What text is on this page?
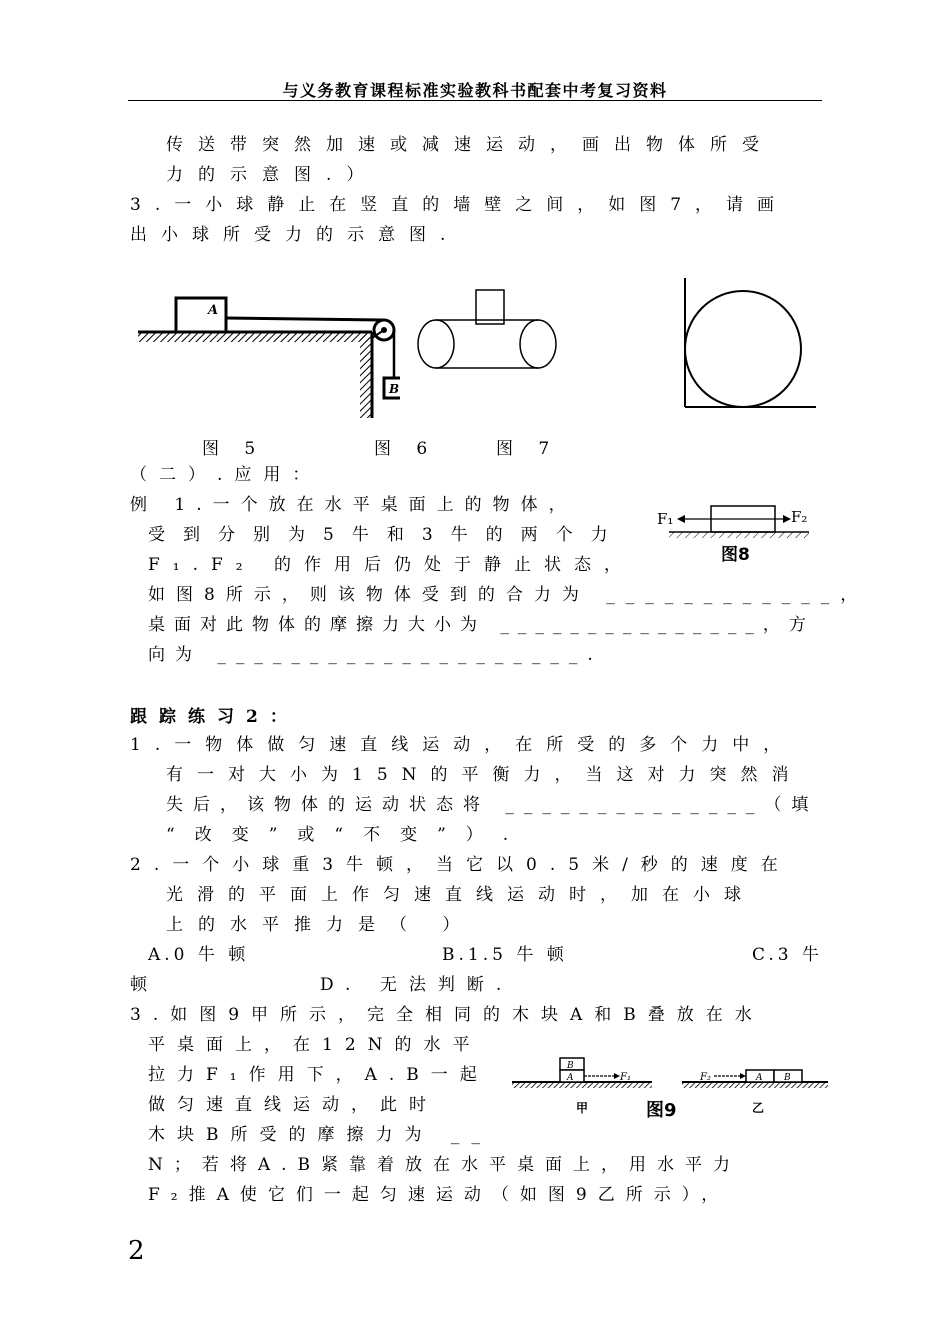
与义务教育课程标准实验教科书配套中考复习资料
传送带突然加速或减速运动，画出物体所受
力的示意图.）
3.一小球静止在竖直的墙壁之间，如图7，请画
出小球所受力的示意图.
A
B
图 5	图 6	图 7
（二）.应用：
例 1.一个放在水平桌面上的物体，
受到分别为5牛和3牛的两个力
F₁.F₂ 的作用后仍处于静止状态，
如图8所示，则该物体受到的合力为 ____________，
桌面对此物体的摩擦力大小为 _______________，方
向为 ____________________.
F₁	F₂
图8
跟踪练习2：
1.一物体做匀速直线运动，在所受的多个力中，
有一对大小为15N的平衡力，当这对力突然消
失后，该物体的运动状态将 ______________（填
“改变”或“不变”）.
2.一个小球重3牛顿，当它以0.5米/秒的速度在
光滑的平面上作匀速直线运动时，加在小球
上的水平推力是（ ）
A.0 牛 顿	B.1.5 牛 顿	C.3 牛
顿	D. 无法判断.
3.如图9甲所示，完全相同的木块A和B叠放在水
平桌面上，在12N的水平
拉力F₁作用下，A.B一起
做匀速直线运动，此时
木块B所受的摩擦力为 __
N；若将A.B紧靠着放在水平桌面上，用水平力
F₂推A使它们一起匀速运动（如图9乙所示），
B
A	F₁
甲	图9
F₂	A B
乙
2
